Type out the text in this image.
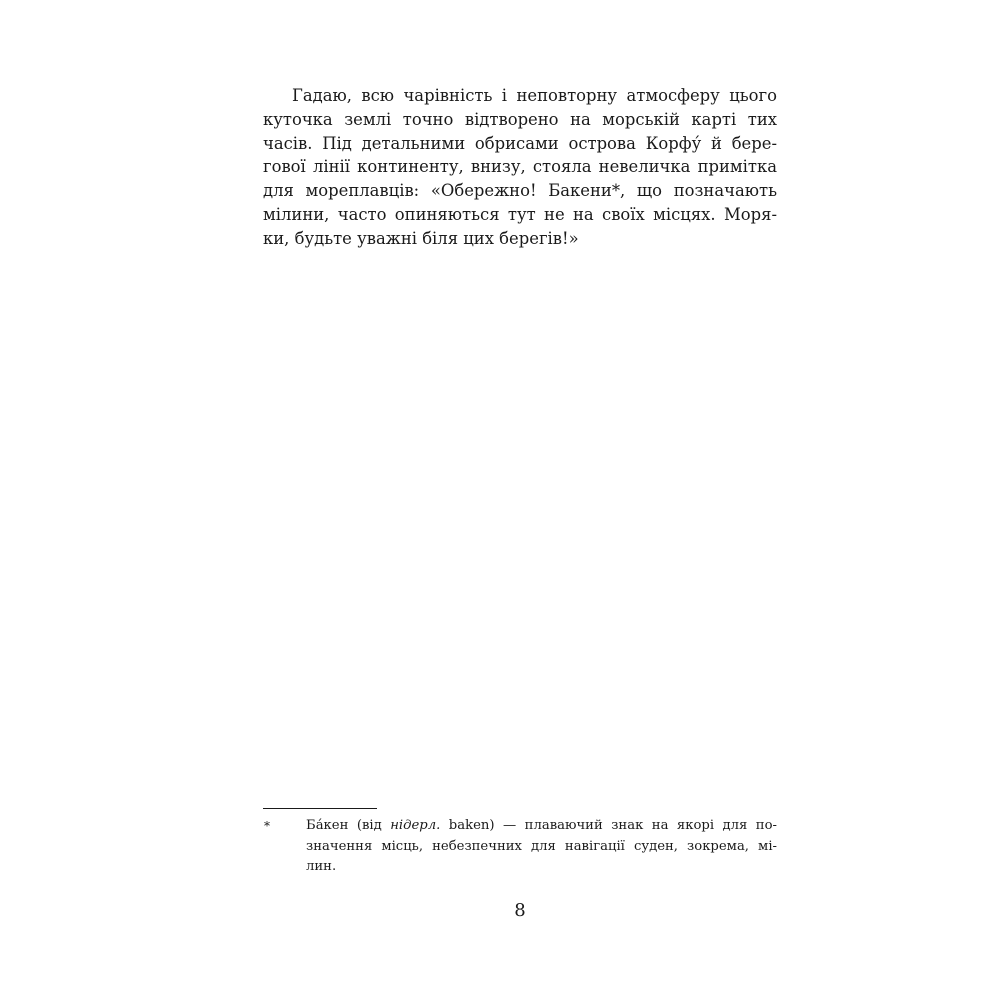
Гадаю, всю чарівність і неповторну атмосферу цього
куточка землі точно відтворено на морській карті тих
часів. Під детальними обрисами острова Корфу́ й бере-
гової лінії континенту, внизу, стояла невеличка примітка
для мореплавців: «Обережно! Бакени*, що позначають
мілини, часто опиняються тут не на своїх місцях. Моря-
ки, будьте уважні біля цих берегів!»
*	Ба́кен (від нідерл. baken) — плаваючий знак на якорі для по-
значення місць, небезпечних для навігації суден, зокрема, мі-
лин.
8
